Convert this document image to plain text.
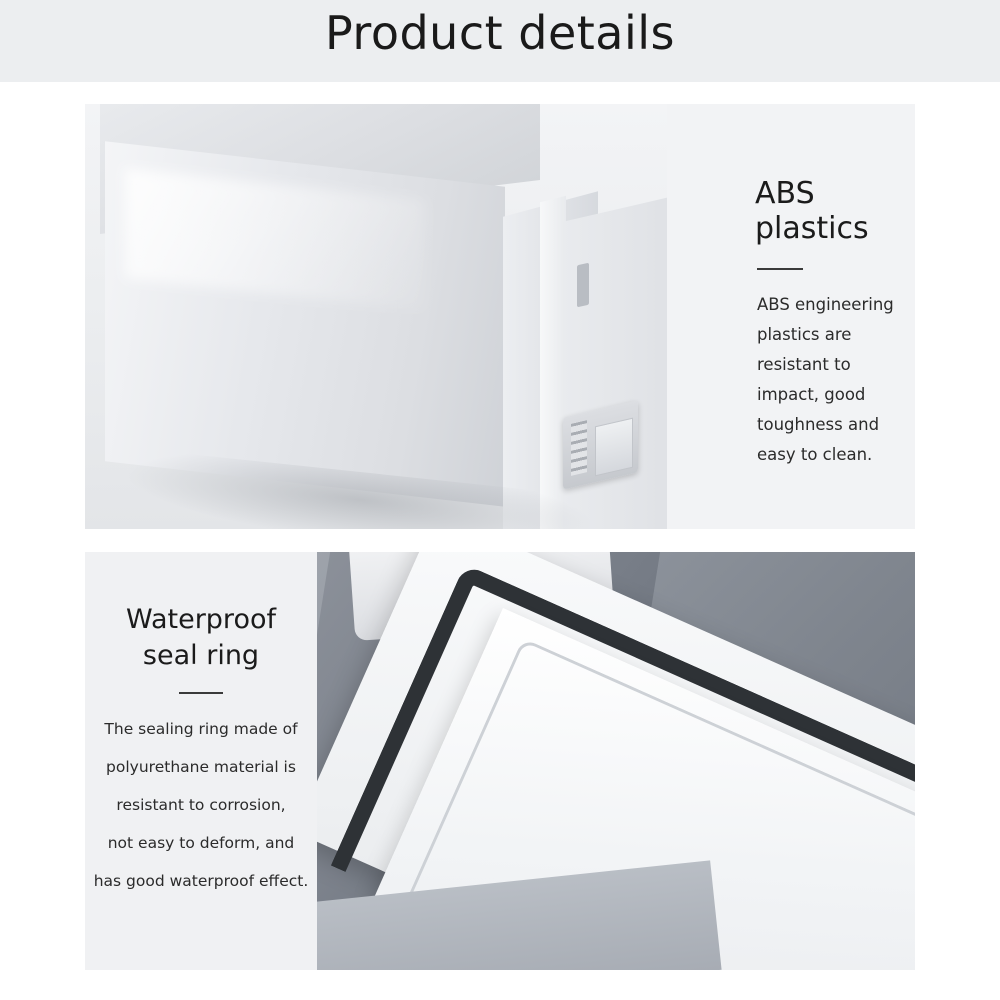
Product details
ABS plastics
ABS engineering plastics are resistant to impact, good toughness and easy to clean.
Waterproof
seal ring
The sealing ring made of
polyurethane material is
resistant to corrosion,
not easy to deform, and
has good waterproof effect.
